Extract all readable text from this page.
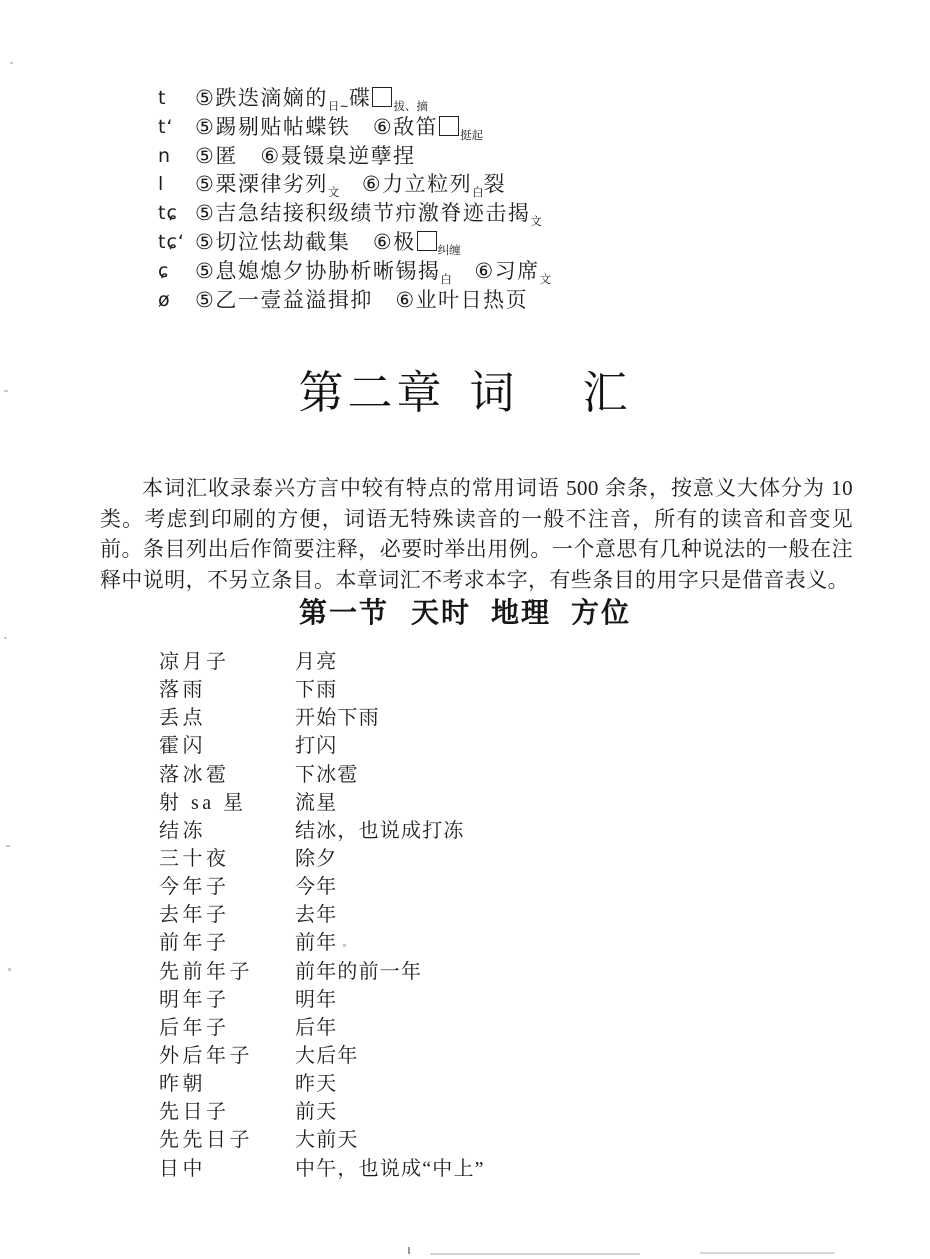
t	⑤跌迭滴嫡的$_{日\sim}$碟 $_{拔、摘}$
t‘	⑤踢剔贴帖蝶铁　⑥敌笛 $_{挺起}$
n	⑤匿　⑥聂镊臬逆孽捏
l	⑤栗溧律劣列$_文$　⑥力立粒列$_白$裂
tɕ ⑤吉急结接积级绩节疖激脊迹击揭$_文$
tɕ‘ ⑤切泣怯劫截集　⑥极 $_{纠缠}$
ɕ	⑤息媳熄夕协胁析晰锡揭$_白$　⑥习席$_文$
ø	⑤乙一壹益溢揖抑　⑥业叶日热页
第二章 词 汇

本词汇收录泰兴方言中较有特点的常用词语 500 余条，按意义大体分为 10 类。考虑到印刷的方便，词语无特殊读音的一般不注音，所有的读音和音变见前。条目列出后作简要注释，必要时举出用例。一个意思有几种说法的一般在注释中说明，不另立条目。本章词汇不考求本字，有些条目的用字只是借音表义。

第一节 天时 地理 方位
凉月子	月亮
落雨	下雨
丢点	开始下雨
霍闪	打闪
落冰雹	下冰雹
射 sa 星	流星
结冻	结冰，也说成打冻
三十夜	除夕
今年子	今年
去年子	去年
前年子	前年
先前年子	前年的前一年
明年子	明年
后年子	后年
外后年子	大后年
昨朝	昨天
先日子	前天
先先日子	大前天
日中	中午，也说成“中上”
